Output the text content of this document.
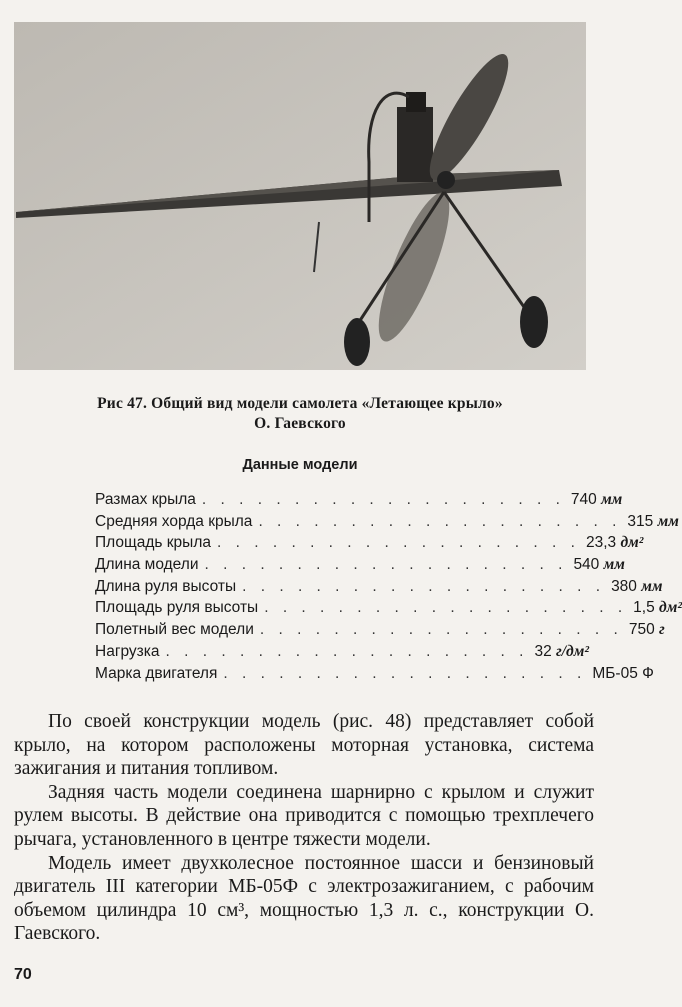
Рис 47. Общий вид модели самолета «Летающее крыло»
О. Гаевского
Данные модели
Размах крыла . . . . . . . . . . . . . . . . . . . . 740 мм
Средняя хорда крыла . . . . . . . . . . . . . . . . . . . . 315 мм
Площадь крыла . . . . . . . . . . . . . . . . . . . . 23,3 дм²
Длина модели . . . . . . . . . . . . . . . . . . . . 540 мм
Длина руля высоты . . . . . . . . . . . . . . . . . . . . 380 мм
Площадь руля высоты . . . . . . . . . . . . . . . . . . . . 1,5 дм²
Полетный вес модели . . . . . . . . . . . . . . . . . . . . 750 г
Нагрузка . . . . . . . . . . . . . . . . . . . . 32 г/дм²
Марка двигателя . . . . . . . . . . . . . . . . . . . . МБ-05 Ф

По своей конструкции модель (рис. 48) представляет собой крыло, на котором расположены моторная установка, система зажигания и питания топливом.

Задняя часть модели соединена шарнирно с крылом и служит рулем высоты. В действие она приводится с помощью трехплечего рычага, установленного в центре тяжести модели.

Модель имеет двухколесное постоянное шасси и бензиновый двигатель III категории МБ-05Ф с электрозажиганием, с рабочим объемом цилиндра 10 см³, мощностью 1,3 л. с., конструкции О. Гаевского.

70
